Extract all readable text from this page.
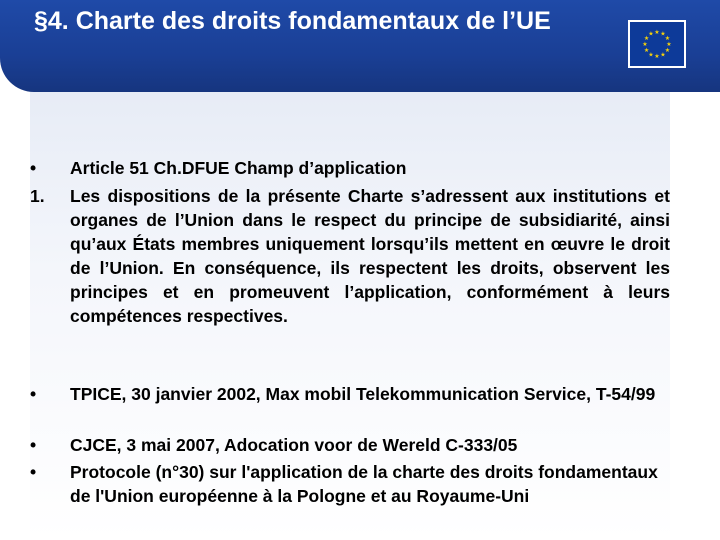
§4. Charte des droits fondamentaux de l’UE	★ ★
★
★
★
★
★
★
★
★
★
★
• Article 51 Ch.DFUE Champ d’application
1. Les dispositions de la présente Charte s’adressent aux institutions et organes de l’Union dans le respect du principe de subsidiarité, ainsi qu’aux États membres uniquement lorsqu’ils mettent en œuvre le droit de l’Union. En conséquence, ils respectent les droits, observent les principes et en promeuvent l’application, conformément à leurs compétences respectives.
• TPICE, 30 janvier 2002, Max mobil Telekommunication Service, T-54/99
• CJCE, 3 mai 2007, Adocation voor de Wereld C-333/05
• Protocole (n°30) sur l'application de la charte des droits fondamentaux de l'Union européenne à la Pologne et au Royaume-Uni
